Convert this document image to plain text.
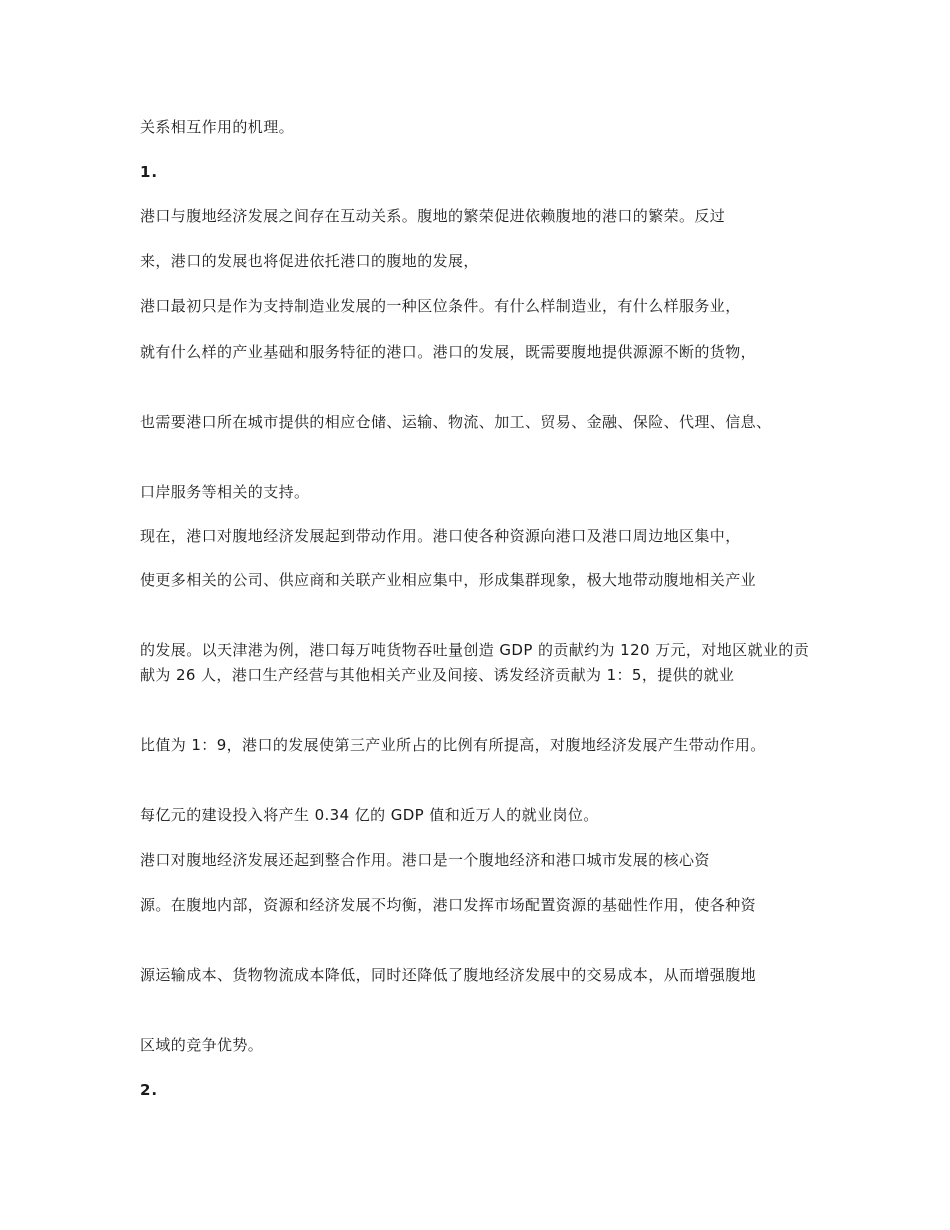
关系相互作用的机理。

1.

港口与腹地经济发展之间存在互动关系。腹地的繁荣促进依赖腹地的港口的繁荣。反过

来，港口的发展也将促进依托港口的腹地的发展，

港口最初只是作为支持制造业发展的一种区位条件。有什么样制造业，有什么样服务业，

就有什么样的产业基础和服务特征的港口。港口的发展，既需要腹地提供源源不断的货物，

也需要港口所在城市提供的相应仓储、运输、物流、加工、贸易、金融、保险、代理、信息、

口岸服务等相关的支持。

现在，港口对腹地经济发展起到带动作用。港口使各种资源向港口及港口周边地区集中，

使更多相关的公司、供应商和关联产业相应集中，形成集群现象，极大地带动腹地相关产业

的发展。以天津港为例，港口每万吨货物吞吐量创造 GDP 的贡献约为 120 万元，对地区就业的贡献为 26 人，港口生产经营与其他相关产业及间接、诱发经济贡献为 1：5，提供的就业

比值为 1：9，港口的发展使第三产业所占的比例有所提高，对腹地经济发展产生带动作用。

每亿元的建设投入将产生 0.34 亿的 GDP 值和近万人的就业岗位。

港口对腹地经济发展还起到整合作用。港口是一个腹地经济和港口城市发展的核心资

源。在腹地内部，资源和经济发展不均衡，港口发挥市场配置资源的基础性作用，使各种资

源运输成本、货物物流成本降低，同时还降低了腹地经济发展中的交易成本，从而增强腹地

区域的竞争优势。

2.
